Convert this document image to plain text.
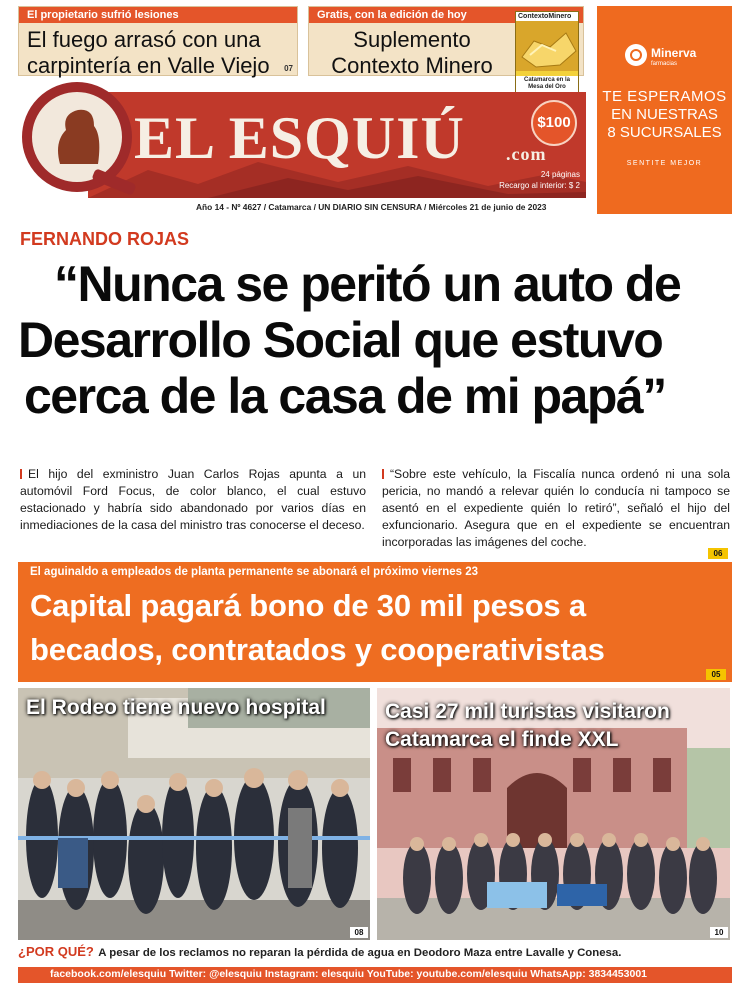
El propietario sufrió lesiones
El fuego arrasó con una carpintería en Valle Viejo	07
Gratis, con la edición de hoy
Suplemento Contexto Minero
ContextoMinero
Catamarca en la Mesa del Oro
Minerva
farmacias
TE ESPERAMOS
EN NUESTRAS
8 SUCURSALES
SENTITE MEJOR
EL ESQUIÚ .com
24 páginas
Recargo al interior: $ 2
$100
Año 14 - Nº 4627 / Catamarca / UN DIARIO SIN CENSURA / Miércoles 21 de junio de 2023
FERNANDO ROJAS
“Nunca se peritó un auto de
Desarrollo Social que estuvo
cerca de la casa de mi papá”
El hijo del exministro Juan Carlos Rojas apunta a un automóvil Ford Focus, de color blanco, el cual estuvo estacionado y habría sido abandonado por varios días en inmediaciones de la casa del ministro tras conocerse el deceso.
“Sobre este vehículo, la Fiscalía nunca ordenó ni una sola pericia, no mandó a relevar quién lo conducía ni tampoco se asentó en el expediente quién lo retiró”, señaló el hijo del exfuncionario. Asegura que en el expediente se encuentran incorporadas las imágenes del coche.
06
El aguinaldo a empleados de planta permanente se abonará el próximo viernes 23
Capital pagará bono de 30 mil pesos a
becados, contratados y cooperativistas
05
El Rodeo tiene nuevo hospital
08
Casi 27 mil turistas visitaron
Catamarca el finde XXL
10
¿POR QUÉ? A pesar de los reclamos no reparan la pérdida de agua en Deodoro Maza entre Lavalle y Conesa.
facebook.com/elesquiu Twitter: @elesquiu Instagram: elesquiu YouTube: youtube.com/elesquiu WhatsApp: 3834453001
